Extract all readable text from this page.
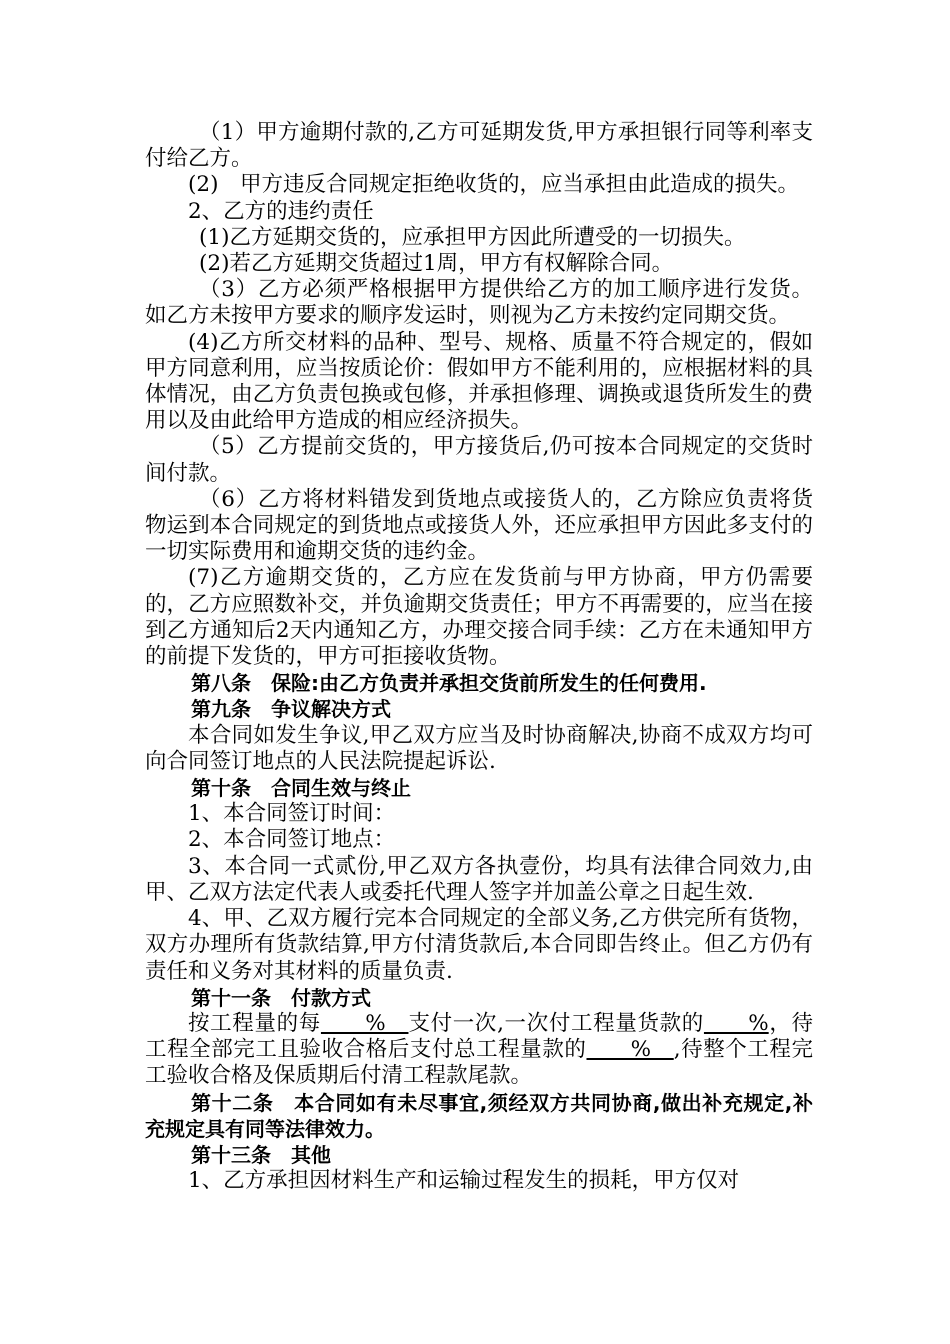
（1）甲方逾期付款的,乙方可延期发货,甲方承担银行同等利率支付给乙方。

(2)　甲方违反合同规定拒绝收货的，应当承担由此造成的损失。

2、乙方的违约责任

(1)乙方延期交货的，应承担甲方因此所遭受的一切损失。

(2)若乙方延期交货超过1周，甲方有权解除合同。

（3）乙方必须严格根据甲方提供给乙方的加工顺序进行发货。如乙方未按甲方要求的顺序发运时，则视为乙方未按约定同期交货。

(4)乙方所交材料的品种、型号、规格、质量不符合规定的，假如甲方同意利用，应当按质论价：假如甲方不能利用的，应根据材料的具体情况，由乙方负责包换或包修，并承担修理、调换或退货所发生的费用以及由此给甲方造成的相应经济损失。

（5）乙方提前交货的，甲方接货后,仍可按本合同规定的交货时间付款。

（6）乙方将材料错发到货地点或接货人的，乙方除应负责将货物运到本合同规定的到货地点或接货人外，还应承担甲方因此多支付的一切实际费用和逾期交货的违约金。

(7)乙方逾期交货的，乙方应在发货前与甲方协商，甲方仍需要的，乙方应照数补交，并负逾期交货责任；甲方不再需要的，应当在接到乙方通知后2天内通知乙方，办理交接合同手续：乙方在未通知甲方的前提下发货的，甲方可拒接收货物。

第八条　保险:由乙方负责并承担交货前所发生的任何费用.

第九条　争议解决方式

本合同如发生争议,甲乙双方应当及时协商解决,协商不成双方均可向合同签订地点的人民法院提起诉讼.

第十条　合同生效与终止

1、本合同签订时间：

2、本合同签订地点：

3、本合同一式贰份,甲乙双方各执壹份，均具有法律合同效力,由甲、乙双方法定代表人或委托代理人签字并加盖公章之日起生效.

4、甲、乙双方履行完本合同规定的全部义务,乙方供完所有货物，双方办理所有货款结算,甲方付清货款后,本合同即告终止。但乙方仍有责任和义务对其材料的质量负责.

第十一条　付款方式

按工程量的每　　%　支付一次,一次付工程量货款的　　%，待工程全部完工且验收合格后支付总工程量款的　　%　,待整个工程完工验收合格及保质期后付清工程款尾款。

第十二条　本合同如有未尽事宜,须经双方共同协商,做出补充规定,补充规定具有同等法律效力。

第十三条　其他

1、乙方承担因材料生产和运输过程发生的损耗，甲方仅对
